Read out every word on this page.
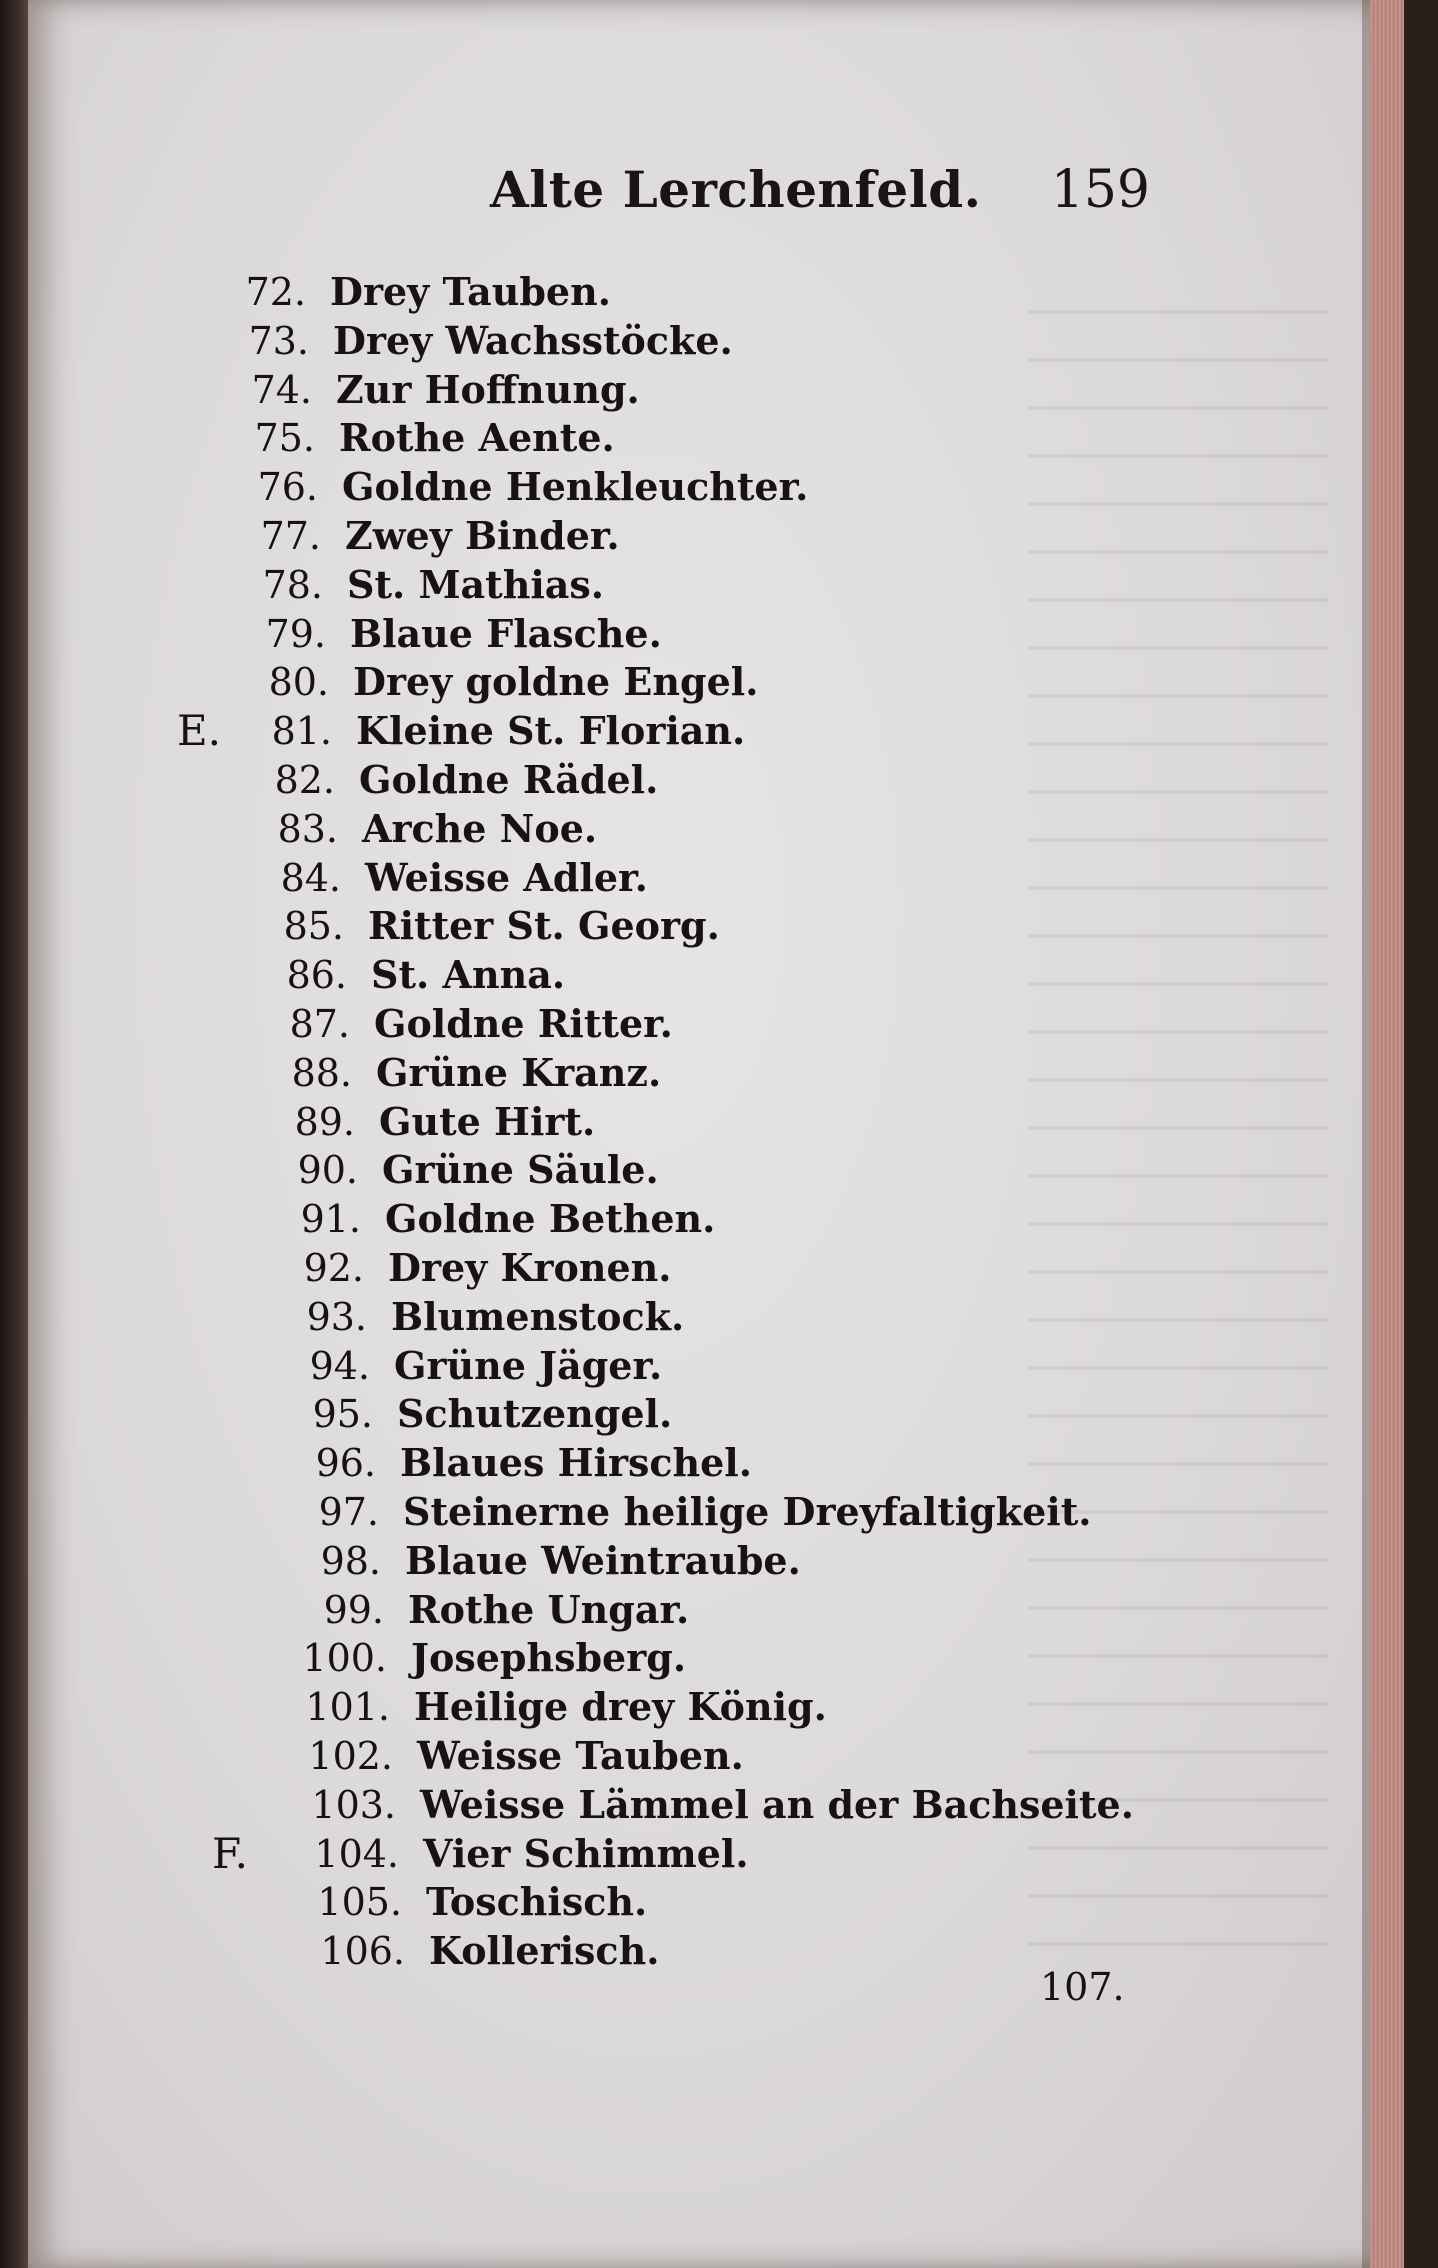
Alte Lerchenfeld. 159
72. Drey Tauben.
73. Drey Wachsstöcke.
74. Zur Hoffnung.
75. Rothe Aente.
76. Goldne Henkleuchter.
77. Zwey Binder.
78. St. Mathias.
79. Blaue Flasche.
80. Drey goldne Engel.
E.	81. Kleine St. Florian.
82. Goldne Rädel.
83. Arche Noe.
84. Weisse Adler.
85. Ritter St. Georg.
86. St. Anna.
87. Goldne Ritter.
88. Grüne Kranz.
89. Gute Hirt.
90. Grüne Säule.
91. Goldne Bethen.
92. Drey Kronen.
93. Blumenstock.
94. Grüne Jäger.
95. Schutzengel.
96. Blaues Hirschel.
97. Steinerne heilige Dreyfaltigkeit.
98. Blaue Weintraube.
99. Rothe Ungar.
100. Josephsberg.
101. Heilige drey König.
102. Weisse Tauben.
103. Weisse Lämmel an der Bachseite.
F.	104. Vier Schimmel.
105. Toschisch.
106. Kollerisch.
107.
